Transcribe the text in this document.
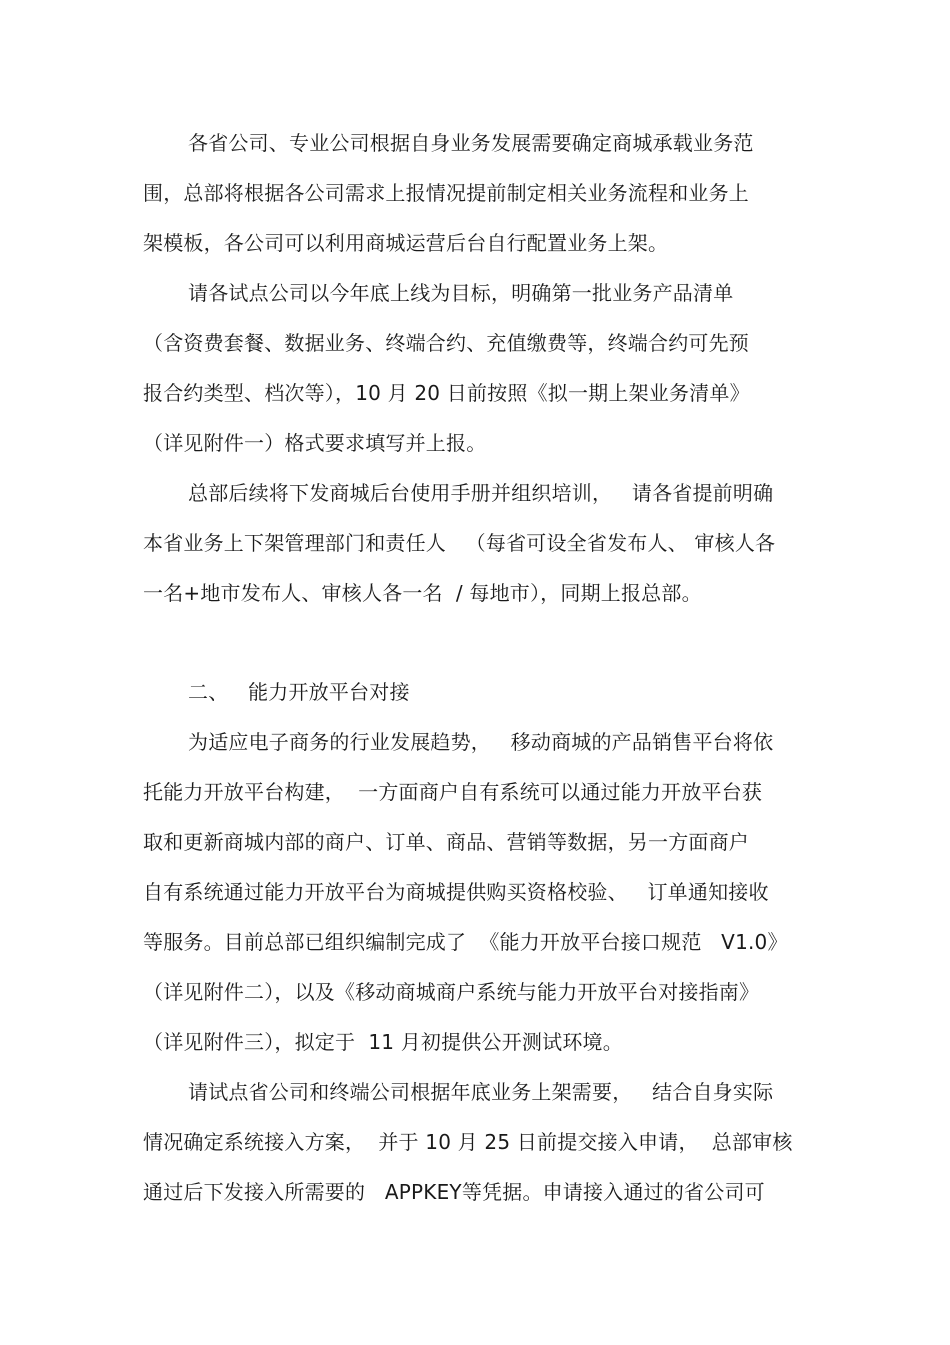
各省公司、专业公司根据自身业务发展需要确定商城承载业务范
围，总部将根据各公司需求上报情况提前制定相关业务流程和业务上
架模板，各公司可以利用商城运营后台自行配置业务上架。
请各试点公司以今年底上线为目标，明确第一批业务产品清单
（含资费套餐、数据业务、终端合约、充值缴费等，终端合约可先预
报合约类型、档次等），10 月 20 日前按照《拟一期上架业务清单》
（详见附件一）格式要求填写并上报。
总部后续将下发商城后台使用手册并组织培训，   请各省提前明确
本省业务上下架管理部门和责任人   （每省可设全省发布人、 审核人各
一名+地市发布人、审核人各一名  / 每地市），同期上报总部。
二、   能力开放平台对接
为适应电子商务的行业发展趋势，   移动商城的产品销售平台将依
托能力开放平台构建，  一方面商户自有系统可以通过能力开放平台获
取和更新商城内部的商户、订单、商品、营销等数据，另一方面商户
自有系统通过能力开放平台为商城提供购买资格校验、   订单通知接收
等服务。目前总部已组织编制完成了  《能力开放平台接口规范   V1.0》
（详见附件二），以及《移动商城商户系统与能力开放平台对接指南》
（详见附件三），拟定于  11 月初提供公开测试环境。
请试点省公司和终端公司根据年底业务上架需要，   结合自身实际
情况确定系统接入方案，  并于 10 月 25 日前提交接入申请，  总部审核
通过后下发接入所需要的   APPKEY等凭据。申请接入通过的省公司可
